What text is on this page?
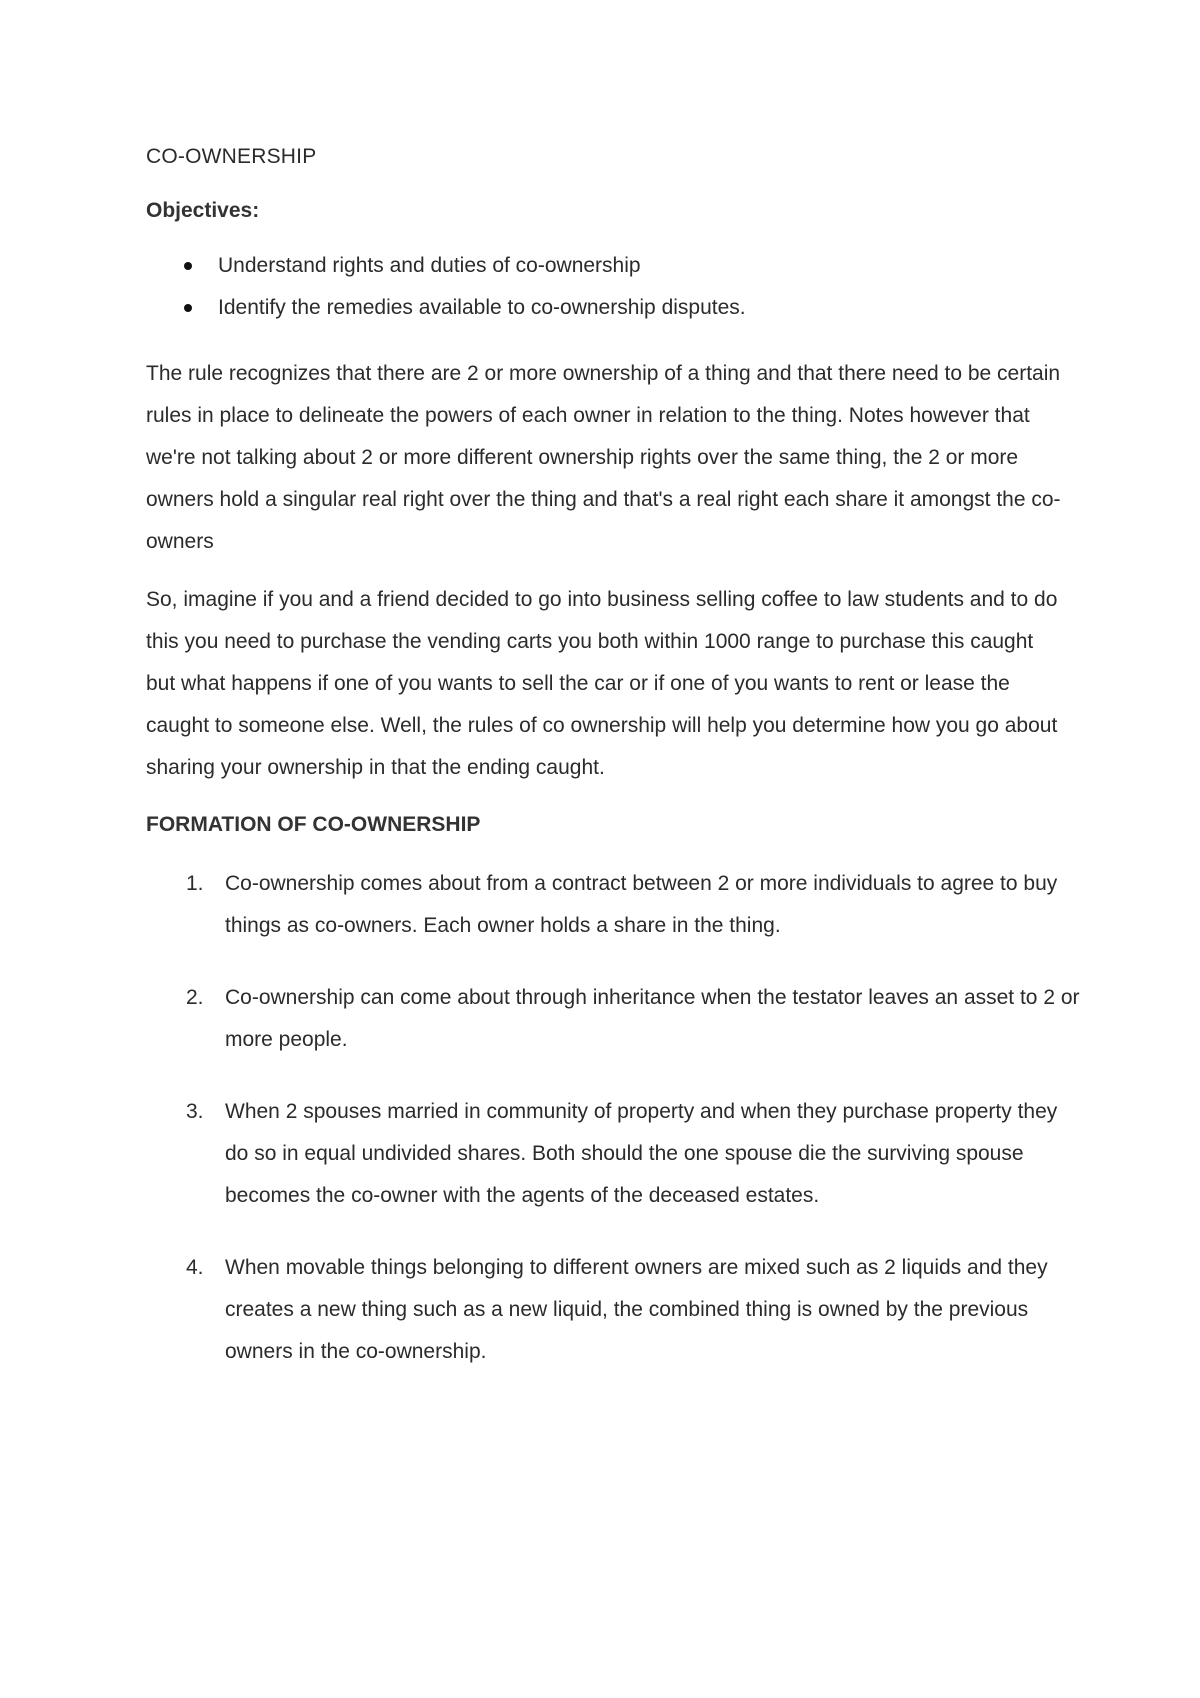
CO-OWNERSHIP
Objectives:
Understand rights and duties of co-ownership
Identify the remedies available to co-ownership disputes.

The rule recognizes that there are 2 or more ownership of a thing and that there need to be certain rules in place to delineate the powers of each owner in relation to the thing. Notes however that we're not talking about 2 or more different ownership rights over the same thing, the 2 or more owners hold a singular real right over the thing and that's a real right each share it amongst the co-owners

So, imagine if you and a friend decided to go into business selling coffee to law students and to do this you need to purchase the vending carts you both within 1000 range to purchase this caught but what happens if one of you wants to sell the car or if one of you wants to rent or lease the caught to someone else. Well, the rules of co ownership will help you determine how you go about sharing your ownership in that the ending caught.

FORMATION OF CO-OWNERSHIP
1. Co-ownership comes about from a contract between 2 or more individuals to agree to buy things as co-owners. Each owner holds a share in the thing.
2. Co-ownership can come about through inheritance when the testator leaves an asset to 2 or more people.
3. When 2 spouses married in community of property and when they purchase property they do so in equal undivided shares. Both should the one spouse die the surviving spouse becomes the co-owner with the agents of the deceased estates.
4. When movable things belonging to different owners are mixed such as 2 liquids and they creates a new thing such as a new liquid, the combined thing is owned by the previous owners in the co-ownership.
